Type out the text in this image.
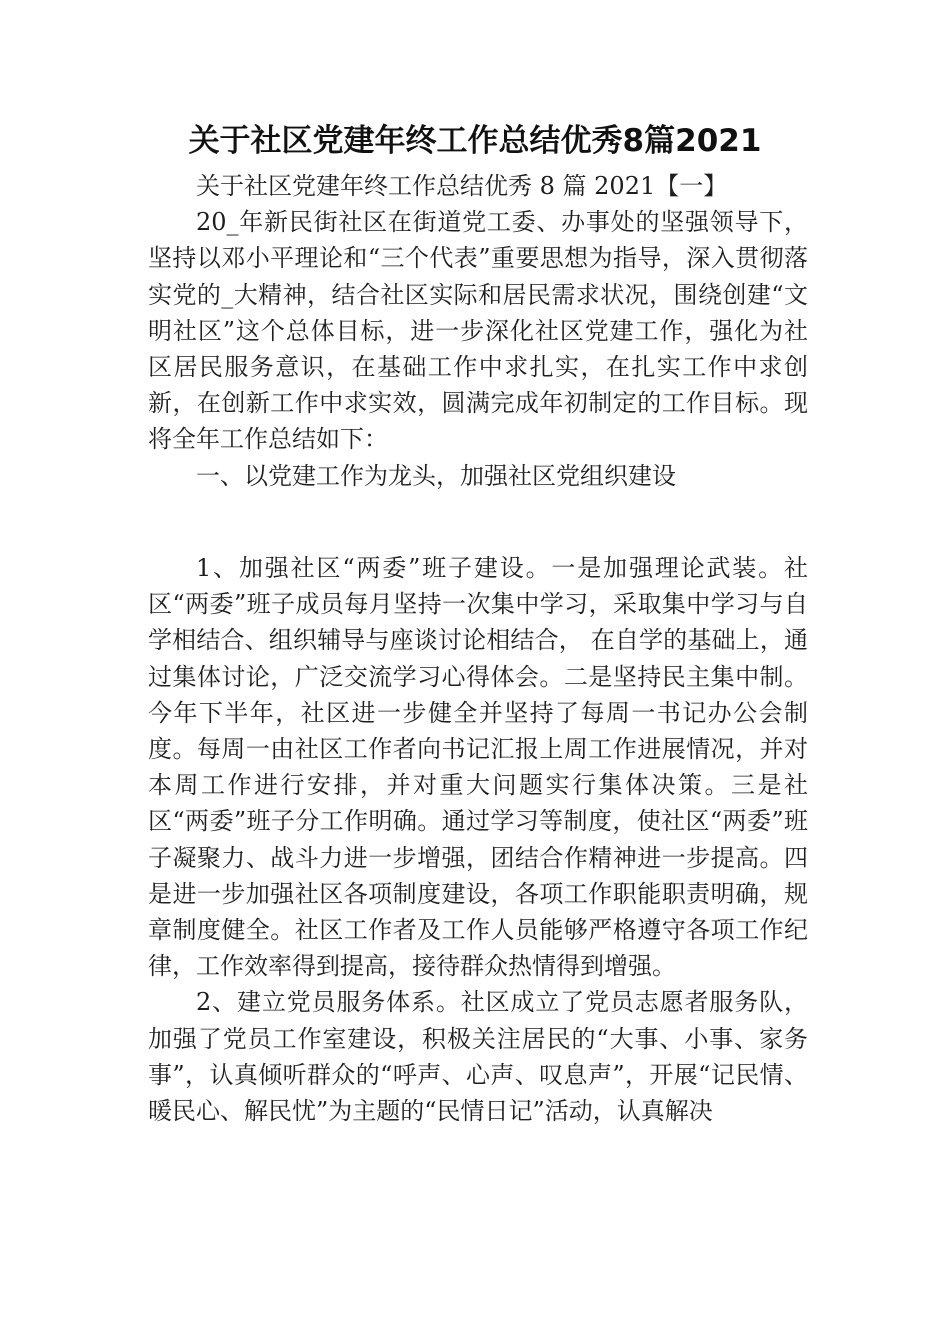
关于社区党建年终工作总结优秀8篇2021

关于社区党建年终工作总结优秀 8 篇 2021【一】

20_年新民街社区在街道党工委、办事处的坚强领导下，坚持以邓小平理论和“三个代表”重要思想为指导，深入贯彻落实党的_大精神，结合社区实际和居民需求状况，围绕创建“文明社区”这个总体目标，进一步深化社区党建工作，强化为社区居民服务意识，在基础工作中求扎实，在扎实工作中求创新，在创新工作中求实效，圆满完成年初制定的工作目标。现将全年工作总结如下：

一、以党建工作为龙头，加强社区党组织建设

1、加强社区“两委”班子建设。一是加强理论武装。社区“两委”班子成员每月坚持一次集中学习，采取集中学习与自学相结合、组织辅导与座谈讨论相结合， 在自学的基础上，通过集体讨论，广泛交流学习心得体会。二是坚持民主集中制。今年下半年，社区进一步健全并坚持了每周一书记办公会制度。每周一由社区工作者向书记汇报上周工作进展情况，并对本周工作进行安排，并对重大问题实行集体决策。三是社区“两委”班子分工作明确。通过学习等制度，使社区“两委”班子凝聚力、战斗力进一步增强，团结合作精神进一步提高。四是进一步加强社区各项制度建设，各项工作职能职责明确，规章制度健全。社区工作者及工作人员能够严格遵守各项工作纪律，工作效率得到提高，接待群众热情得到增强。

2、建立党员服务体系。社区成立了党员志愿者服务队，加强了党员工作室建设，积极关注居民的“大事、小事、家务事”，认真倾听群众的“呼声、心声、叹息声”，开展“记民情、暖民心、解民忧”为主题的“民情日记”活动，认真解决
